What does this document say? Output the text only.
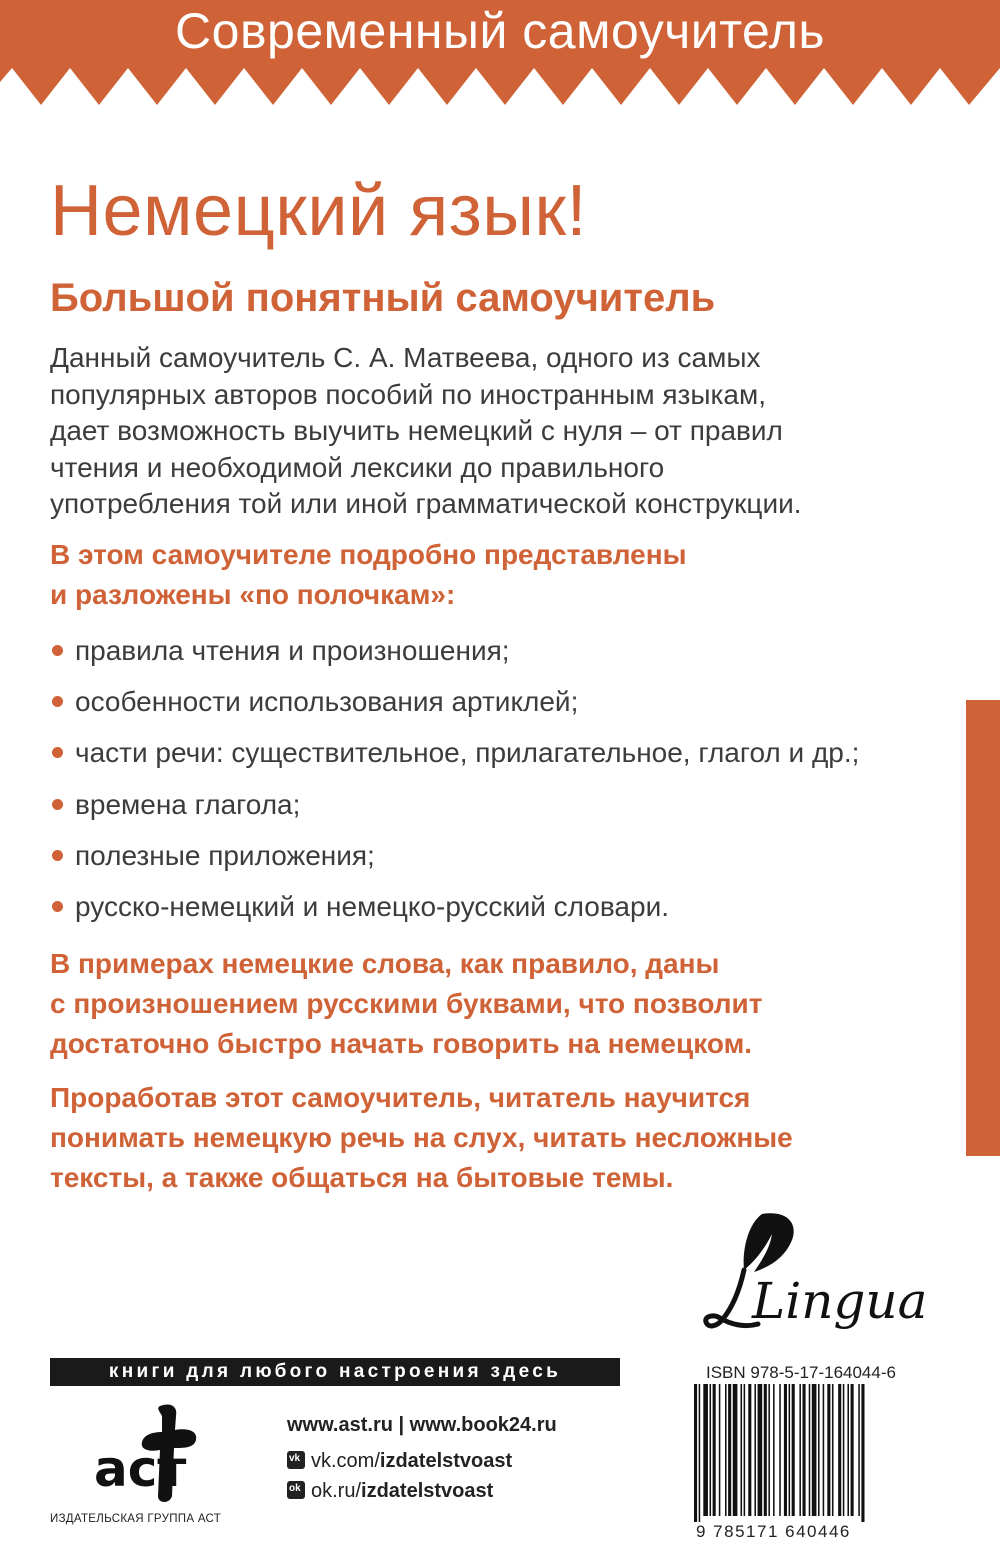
Современный самоучитель
Немецкий язык!
Большой понятный самоучитель

Данный самоучитель С. А. Матвеева, одного из самых
популярных авторов пособий по иностранным языкам,
дает возможность выучить немецкий с нуля – от правил
чтения и необходимой лексики до правильного
употребления той или иной грамматической конструкции.

В этом самоучителе подробно представлены
и разложены «по полочкам»:

правила чтения и произношения;
особенности использования артиклей;
части речи: существительное, прилагательное, глагол и др.;
времена глагола;
полезные приложения;
русско-немецкий и немецко-русский словари.

В примерах немецкие слова, как правило, даны
с произношением русскими буквами, что позволит
достаточно быстро начать говорить на немецком.

Проработав этот самоучитель, читатель научится
понимать немецкую речь на слух, читать несложные
тексты, а также общаться на бытовые темы.

Lingua
книги для любого настроения здесь
аст
ИЗДАТЕЛЬСКАЯ ГРУППА АСТ
www.ast.ru | www.book24.ru
vkvk.com/izdatelstvoast
okok.ru/izdatelstvoast
ISBN 978-5-17-164044-6
9 785171 640446
